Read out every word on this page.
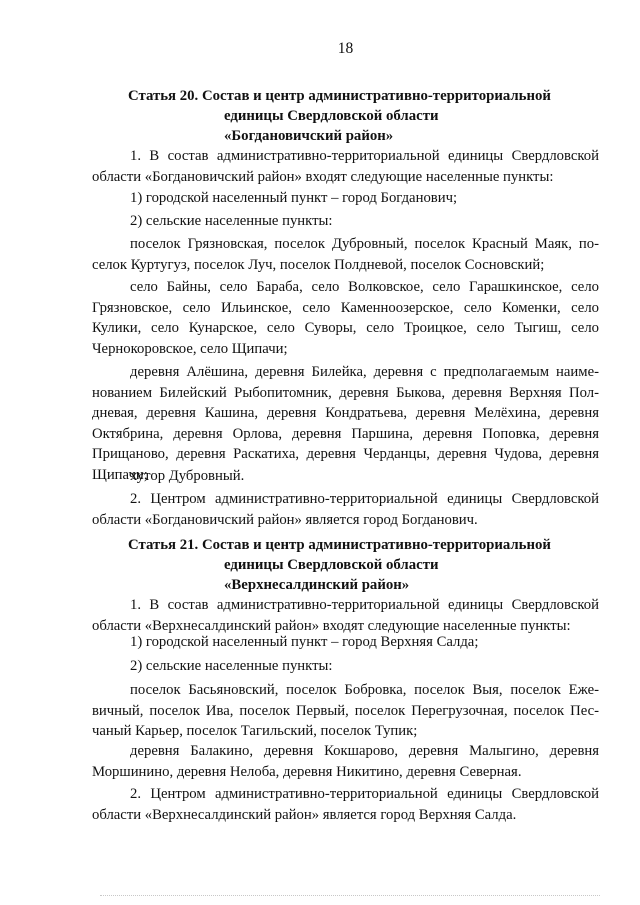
18
Статья 20. Состав и центр административно-территориальной
единицы Свердловской области
«Богдановичский район»
1. В состав административно-территориальной единицы Свердловской
области «Богдановичский район» входят следующие населенные пункты:
1) городской населенный пункт – город Богданович;
2) сельские населенные пункты:
поселок Грязновская, поселок Дубровный, поселок Красный Маяк, по-
селок Куртугуз, поселок Луч, поселок Полдневой, поселок Сосновский;
село Байны, село Бараба, село Волковское, село Гарашкинское, село
Грязновское, село Ильинское, село Каменноозерское, село Коменки, село
Кулики, село Кунарское, село Суворы, село Троицкое, село Тыгиш, село
Чернокоровское, село Щипачи;
деревня Алёшина, деревня Билейка, деревня с предполагаемым наиме-
нованием Билейский Рыбопитомник, деревня Быкова, деревня Верхняя Пол-
дневая, деревня Кашина, деревня Кондратьева, деревня Мелёхина, деревня
Октябрина, деревня Орлова, деревня Паршина, деревня Поповка, деревня
Прищаново, деревня Раскатиха, деревня Черданцы, деревня Чудова, деревня
Щипачи;
хутор Дубровный.
2. Центром административно-территориальной единицы Свердловской
области «Богдановичский район» является город Богданович.
Статья 21. Состав и центр административно-территориальной
единицы Свердловской области
«Верхнесалдинский район»
1. В состав административно-территориальной единицы Свердловской
области «Верхнесалдинский район» входят следующие населенные пункты:
1) городской населенный пункт – город Верхняя Салда;
2) сельские населенные пункты:
поселок Басьяновский, поселок Бобровка, поселок Выя, поселок Еже-
вичный, поселок Ива, поселок Первый, поселок Перегрузочная, поселок Пес-
чаный Карьер, поселок Тагильский, поселок Тупик;
деревня Балакино, деревня Кокшарово, деревня Малыгино, деревня
Моршинино, деревня Нелоба, деревня Никитино, деревня Северная.
2. Центром административно-территориальной единицы Свердловской
области «Верхнесалдинский район» является город Верхняя Салда.
